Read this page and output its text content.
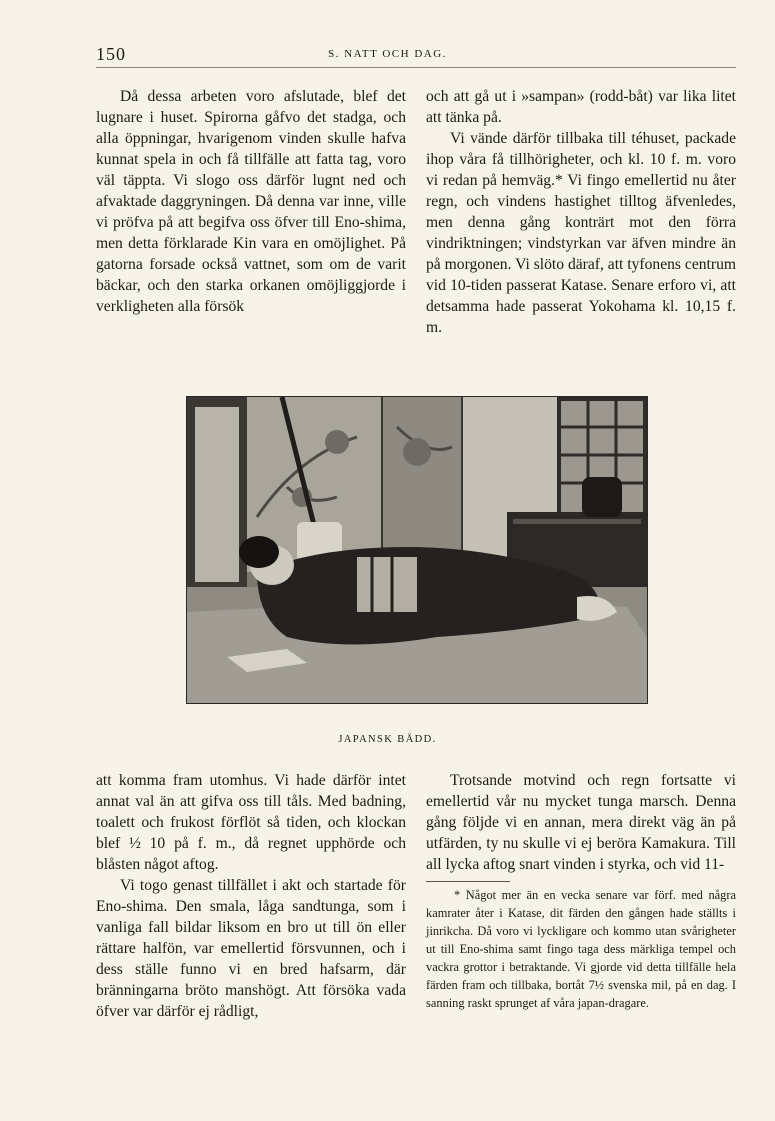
150	S. NATT OCH DAG.

Då dessa arbeten voro afslutade, blef det lugnare i huset. Spirorna gåfvo det stadga, och alla öppningar, hvarigenom vinden skulle hafva kunnat spela in och få tillfälle att fatta tag, voro väl täppta. Vi slogo oss därför lugnt ned och afvaktade daggryningen. Då denna var inne, ville vi pröfva på att begifva oss öfver till Eno-shima, men detta förklarade Kin vara en omöjlighet. På gatorna forsade också vattnet, som om de varit bäckar, och den starka orkanen omöjliggjorde i verkligheten alla försök

och att gå ut i »sampan» (rodd-båt) var lika litet att tänka på.

Vi vände därför tillbaka till téhuset, packade ihop våra få tillhörigheter, och kl. 10 f. m. voro vi redan på hemväg.* Vi fingo emellertid nu åter regn, och vindens hastighet tilltog äfvenledes, men denna gång konträrt mot den förra vindriktningen; vindstyrkan var äfven mindre än på morgonen. Vi slöto däraf, att tyfonens centrum vid 10-tiden passerat Katase. Senare erforo vi, att detsamma hade passerat Yokohama kl. 10,15 f. m.

JAPANSK BÄDD.

att komma fram utomhus. Vi hade därför intet annat val än att gifva oss till tåls. Med badning, toalett och frukost förflöt så tiden, och klockan blef ½ 10 på f. m., då regnet upphörde och blåsten något aftog.

Vi togo genast tillfället i akt och startade för Eno-shima. Den smala, låga sandtunga, som i vanliga fall bildar liksom en bro ut till ön eller rättare halfön, var emellertid försvunnen, och i dess ställe funno vi en bred hafsarm, där bränningarna bröto manshögt. Att försöka vada öfver var därför ej rådligt,

Trotsande motvind och regn fortsatte vi emellertid vår nu mycket tunga marsch. Denna gång följde vi en annan, mera direkt väg än på utfärden, ty nu skulle vi ej beröra Kamakura. Till all lycka aftog snart vinden i styrka, och vid 11-

* Något mer än en vecka senare var förf. med några kamrater åter i Katase, dit färden den gången hade ställts i jinrikcha. Då voro vi lyckligare och kommo utan svårigheter ut till Eno-shima samt fingo taga dess märkliga tempel och vackra grottor i betraktande. Vi gjorde vid detta tillfälle hela färden fram och tillbaka, bortåt 7½ svenska mil, på en dag. I sanning raskt sprunget af våra japan-dragare.
